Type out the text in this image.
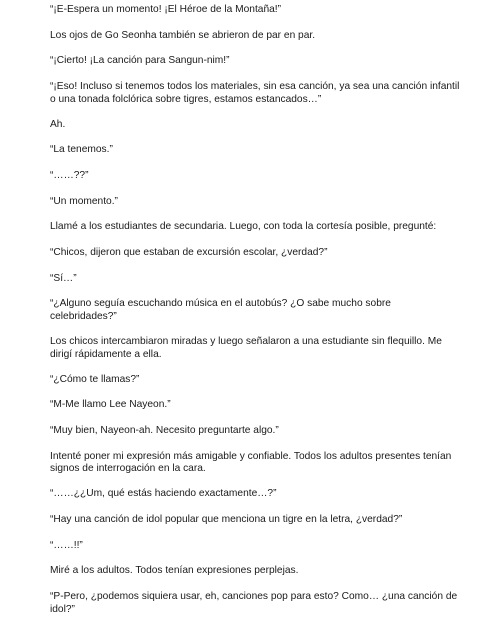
“¡E-Espera un momento! ¡El Héroe de la Montaña!”

Los ojos de Go Seonha también se abrieron de par en par.

“¡Cierto! ¡La canción para Sangun-nim!”

“¡Eso! Incluso si tenemos todos los materiales, sin esa canción, ya sea una canción infantil o una tonada folclórica sobre tigres, estamos estancados…”

Ah.

“La tenemos.”

“……??”

“Un momento.”

Llamé a los estudiantes de secundaria. Luego, con toda la cortesía posible, pregunté:

“Chicos, dijeron que estaban de excursión escolar, ¿verdad?”

“Sí…”

“¿Alguno seguía escuchando música en el autobús? ¿O sabe mucho sobre celebridades?”

Los chicos intercambiaron miradas y luego señalaron a una estudiante sin flequillo. Me dirigí rápidamente a ella.

“¿Cómo te llamas?”

“M-Me llamo Lee Nayeon.”

“Muy bien, Nayeon-ah. Necesito preguntarte algo.”

Intenté poner mi expresión más amigable y confiable. Todos los adultos presentes tenían signos de interrogación en la cara.

“……¿¿Um, qué estás haciendo exactamente…?”

“Hay una canción de idol popular que menciona un tigre en la letra, ¿verdad?”

“……!!”

Miré a los adultos. Todos tenían expresiones perplejas.

“P-Pero, ¿podemos siquiera usar, eh, canciones pop para esto? Como… ¿una canción de idol?”
